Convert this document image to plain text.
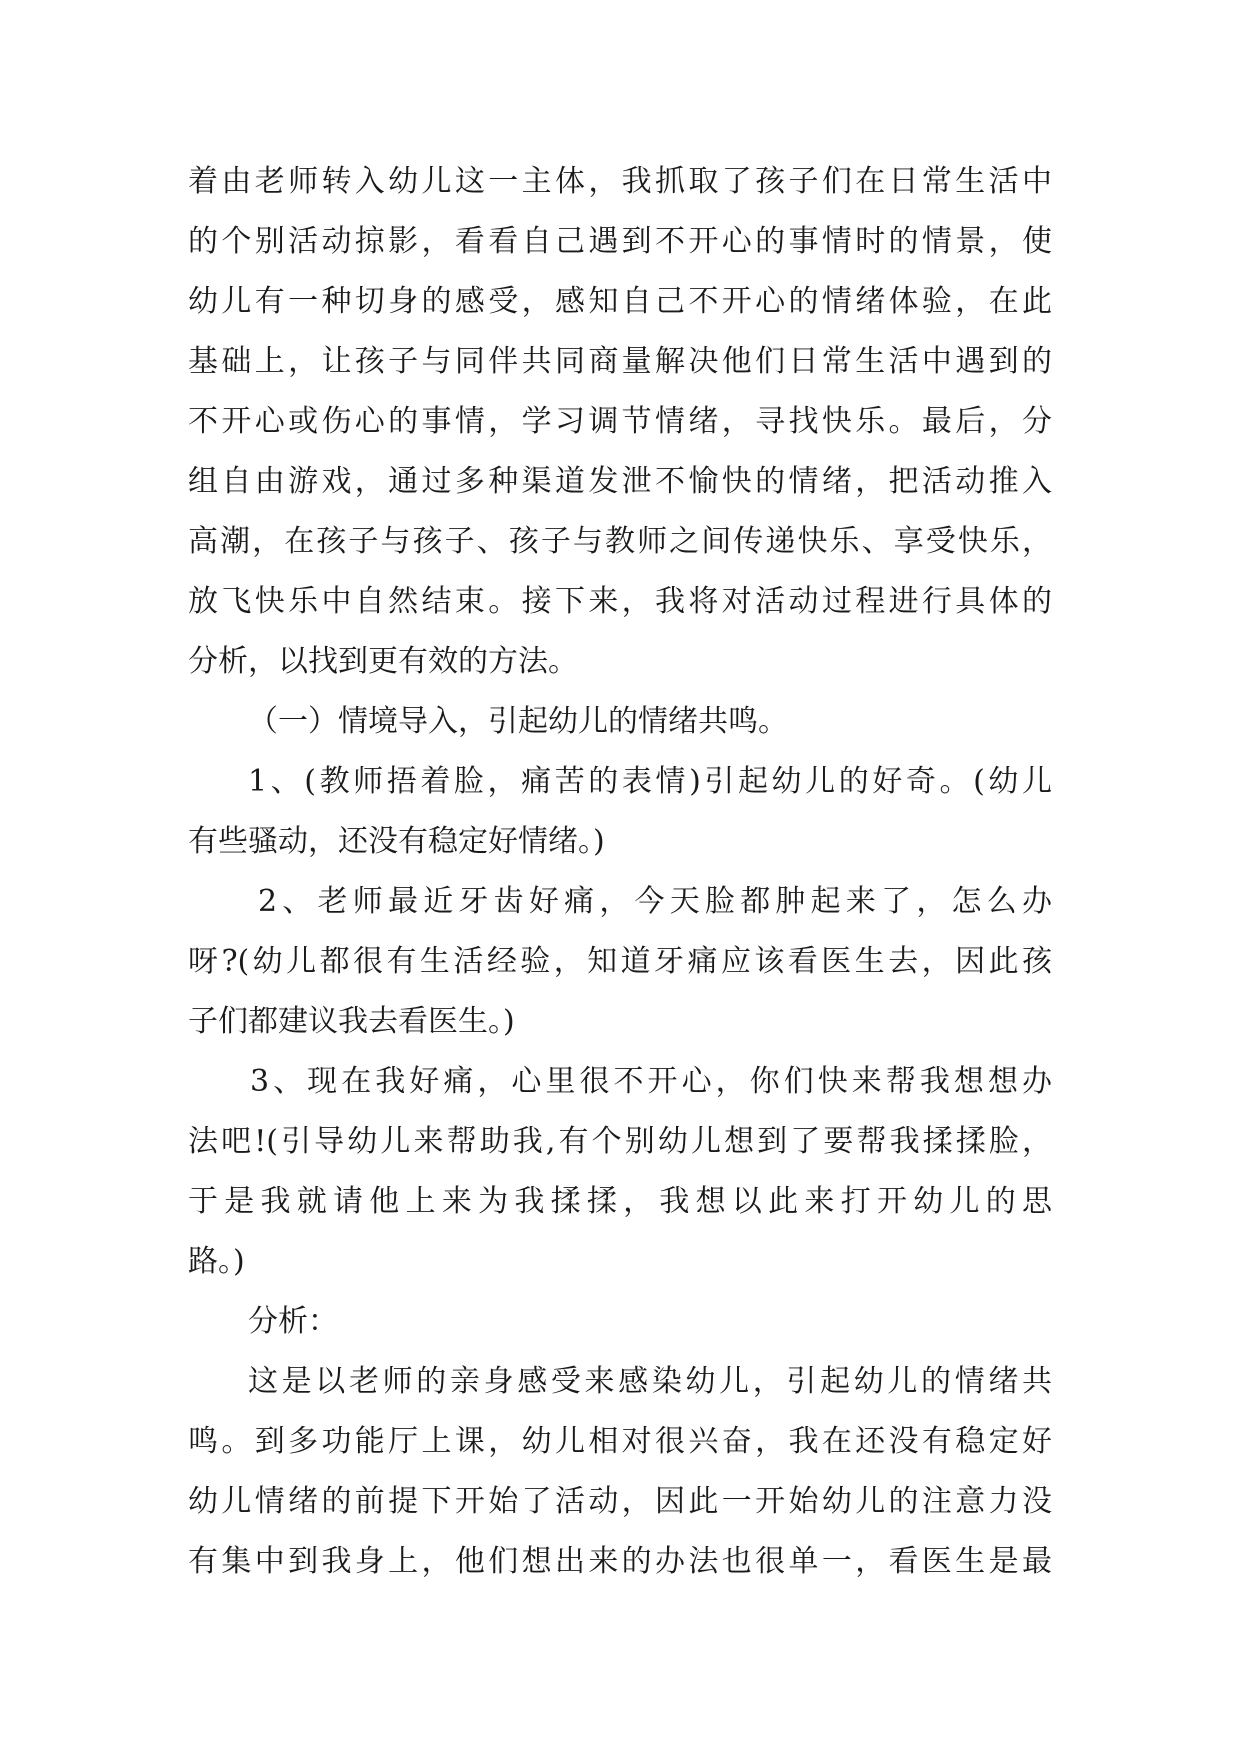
着由老师转入幼儿这一主体，我抓取了孩子们在日常生活中
的个别活动掠影，看看自己遇到不开心的事情时的情景，使
幼儿有一种切身的感受，感知自己不开心的情绪体验，在此
基础上，让孩子与同伴共同商量解决他们日常生活中遇到的
不开心或伤心的事情，学习调节情绪，寻找快乐。最后，分
组自由游戏，通过多种渠道发泄不愉快的情绪，把活动推入
高潮，在孩子与孩子、孩子与教师之间传递快乐、享受快乐，
放飞快乐中自然结束。接下来，我将对活动过程进行具体的
分析，以找到更有效的方法。
（一）情境导入，引起幼儿的情绪共鸣。
1、(教师捂着脸，痛苦的表情)引起幼儿的好奇。(幼儿
有些骚动，还没有稳定好情绪。)
2、老师最近牙齿好痛，今天脸都肿起来了，怎么办
呀?(幼儿都很有生活经验，知道牙痛应该看医生去，因此孩
子们都建议我去看医生。)
3、现在我好痛，心里很不开心，你们快来帮我想想办
法吧!(引导幼儿来帮助我,有个别幼儿想到了要帮我揉揉脸，
于是我就请他上来为我揉揉，我想以此来打开幼儿的思
路。)
分析：
这是以老师的亲身感受来感染幼儿，引起幼儿的情绪共
鸣。到多功能厅上课，幼儿相对很兴奋，我在还没有稳定好
幼儿情绪的前提下开始了活动，因此一开始幼儿的注意力没
有集中到我身上，他们想出来的办法也很单一，看医生是最
